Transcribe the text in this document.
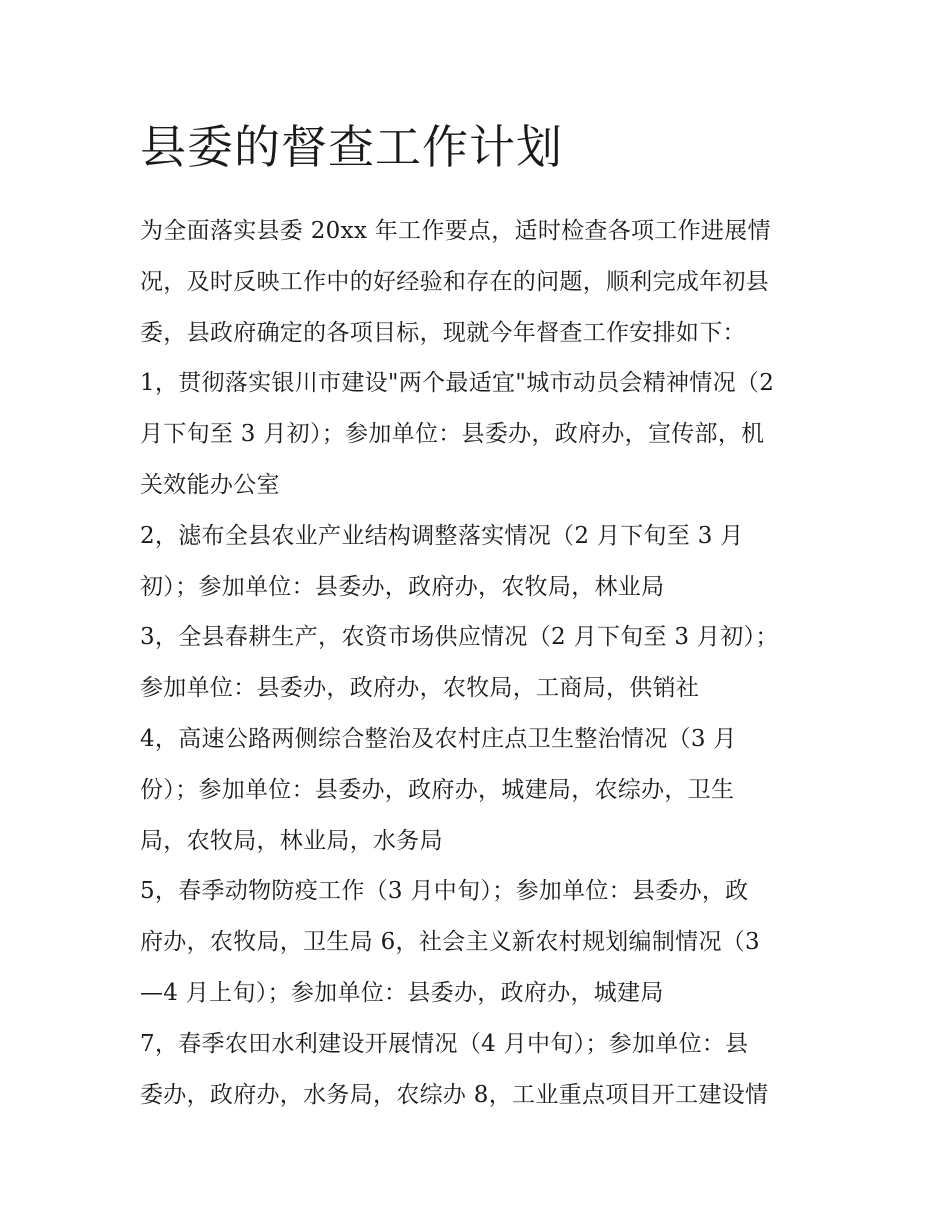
县委的督查工作计划
为全面落实县委 20xx 年工作要点，适时检查各项工作进展情
况，及时反映工作中的好经验和存在的问题，顺利完成年初县
委，县政府确定的各项目标，现就今年督查工作安排如下：
1，贯彻落实银川市建设"两个最适宜"城市动员会精神情况（2
月下旬至 3 月初）；参加单位：县委办，政府办，宣传部，机
关效能办公室
2，滤布全县农业产业结构调整落实情况（2 月下旬至 3 月
初）；参加单位：县委办，政府办，农牧局，林业局
3，全县春耕生产，农资市场供应情况（2 月下旬至 3 月初）；
参加单位：县委办，政府办，农牧局，工商局，供销社
4，高速公路两侧综合整治及农村庄点卫生整治情况（3 月
份）；参加单位：县委办，政府办，城建局，农综办，卫生
局，农牧局，林业局，水务局
5，春季动物防疫工作（3 月中旬）；参加单位：县委办，政
府办，农牧局，卫生局 6，社会主义新农村规划编制情况（3
—4 月上旬）；参加单位：县委办，政府办，城建局
7，春季农田水利建设开展情况（4 月中旬）；参加单位：县
委办，政府办，水务局，农综办 8，工业重点项目开工建设情
